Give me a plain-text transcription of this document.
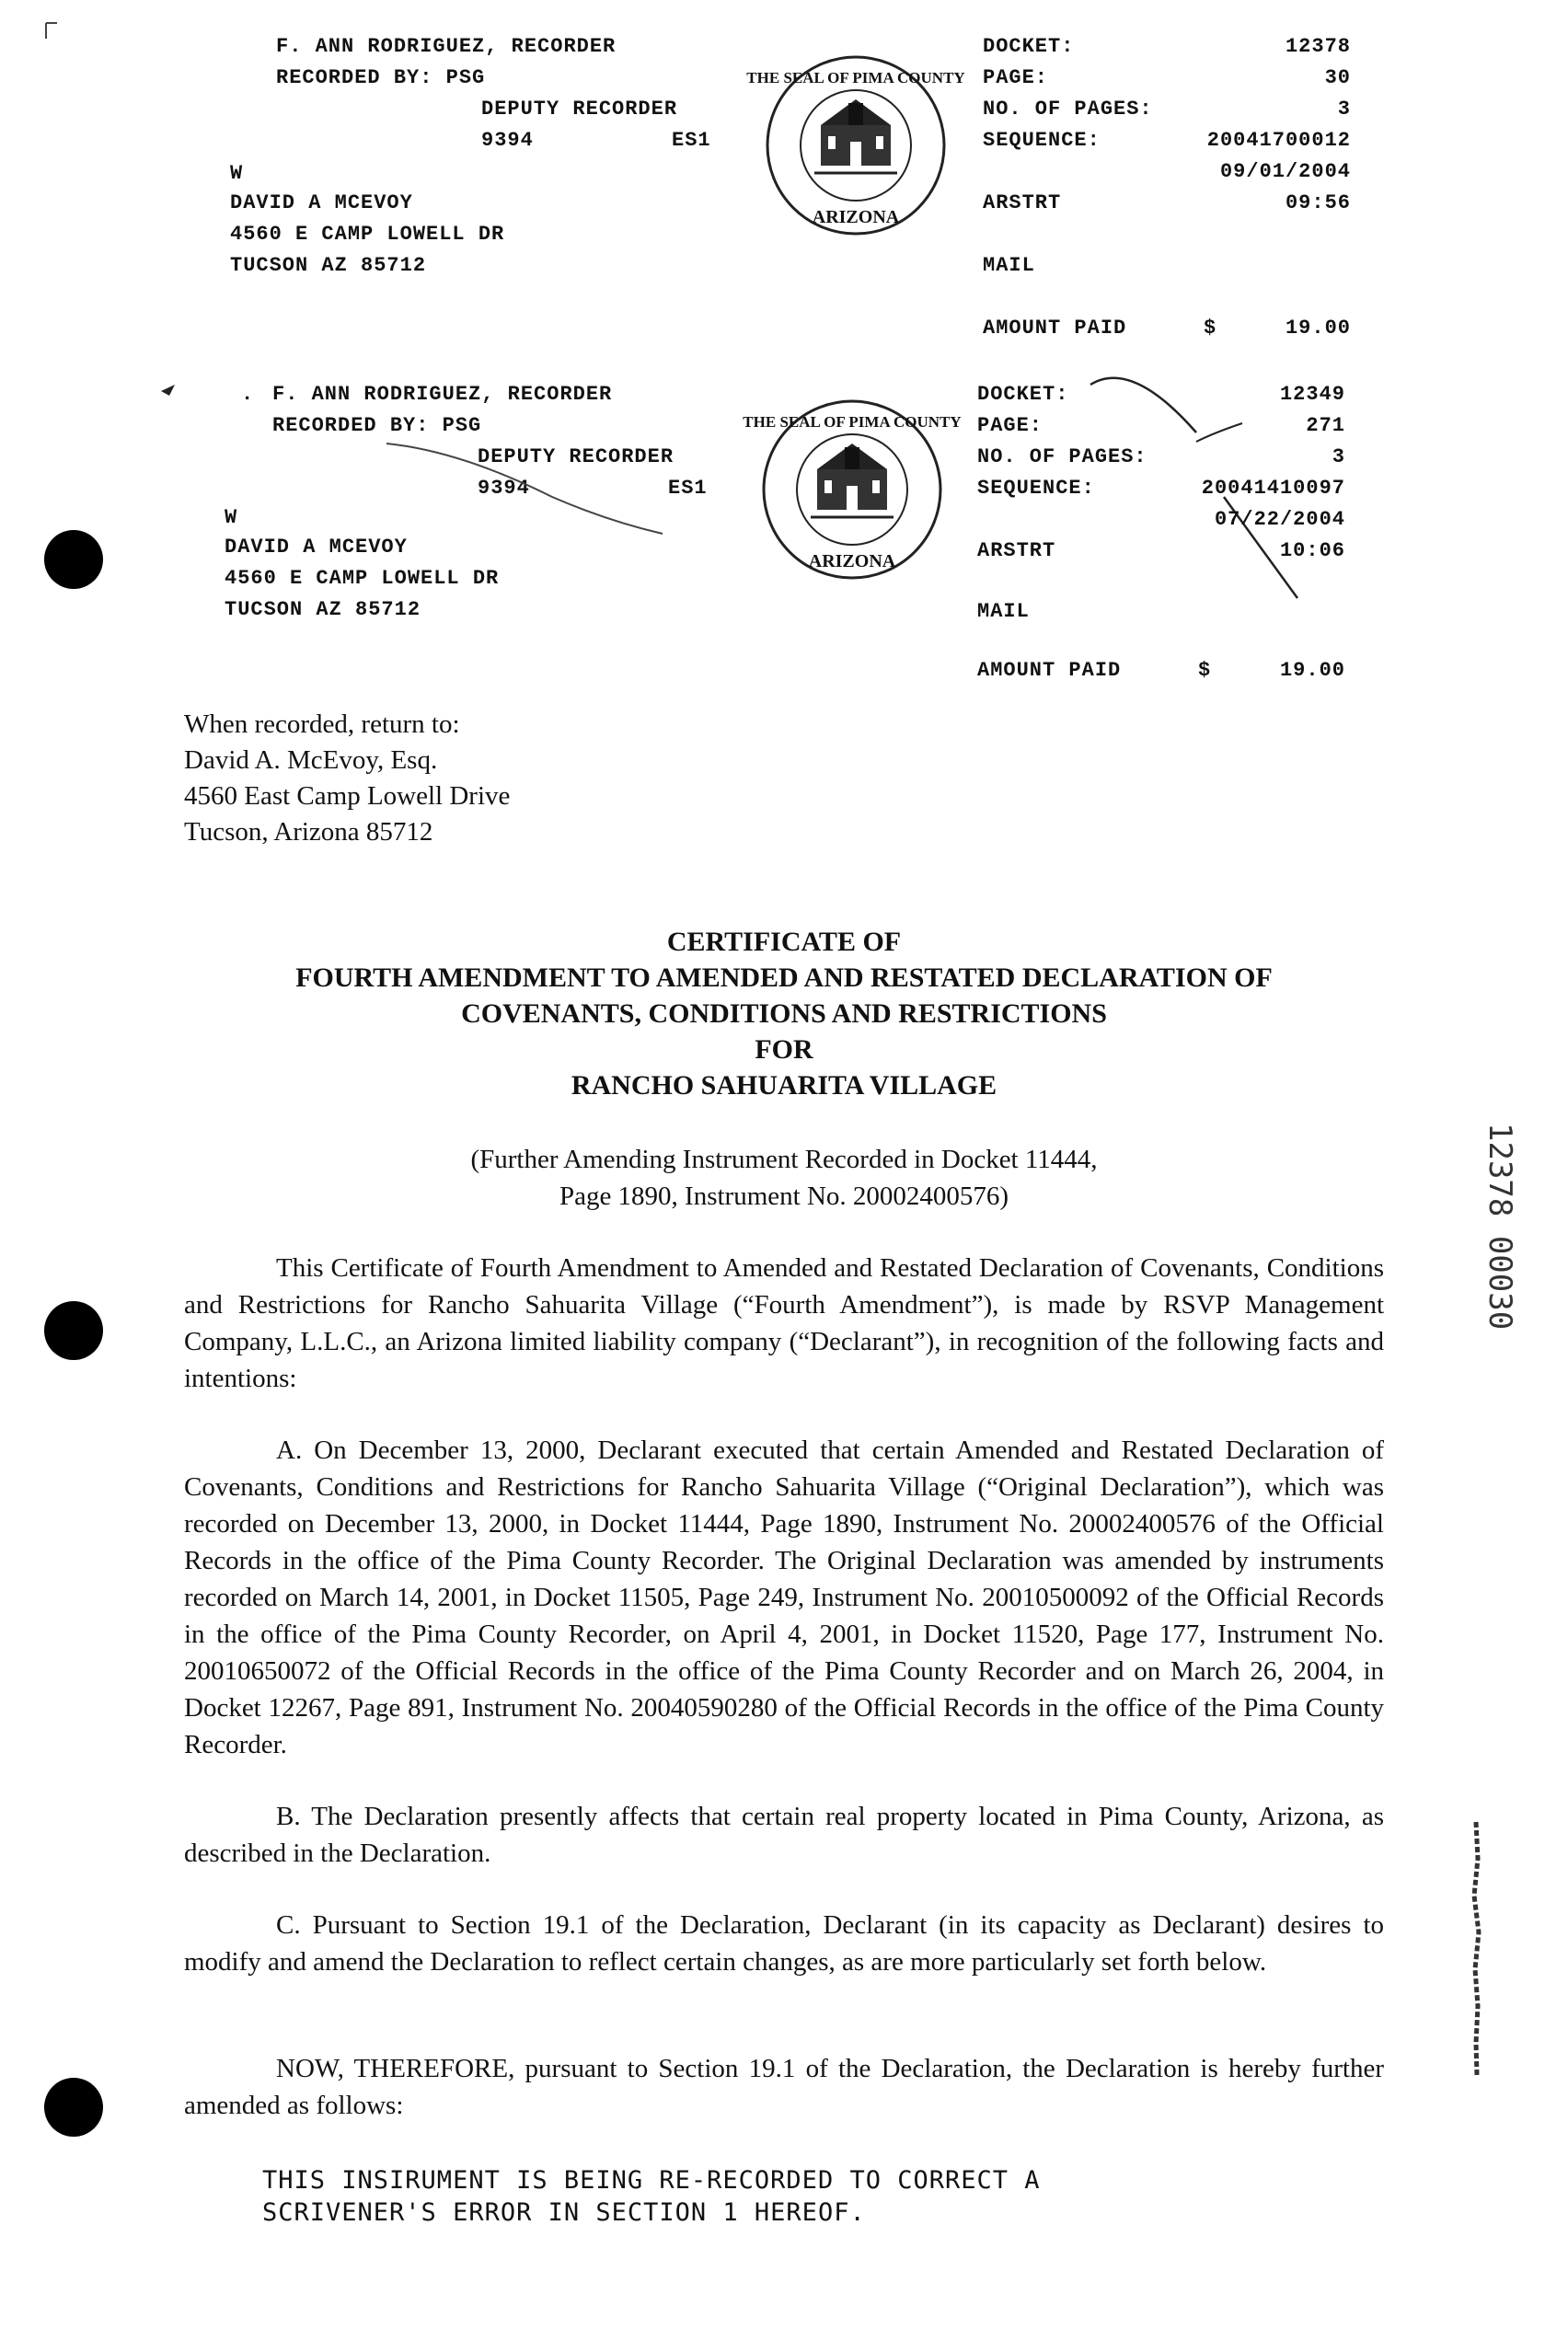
F. ANN RODRIGUEZ, RECORDER
RECORDED BY: PSG
DEPUTY RECORDER
9394	ES1
W
DAVID A MCEVOY
4560 E CAMP LOWELL DR
TUCSON AZ 85712
THE SEAL OF PIMA COUNTY
ARIZONA
DOCKET:	12378
PAGE:	30
NO. OF PAGES:	3
SEQUENCE:	20041700012
09/01/2004
ARSTRT	09:56
MAIL
AMOUNT PAID	$	19.00
. F. ANN RODRIGUEZ, RECORDER
RECORDED BY: PSG
DEPUTY RECORDER
9394	ES1
W
DAVID A MCEVOY
4560 E CAMP LOWELL DR
TUCSON AZ 85712
THE SEAL OF PIMA COUNTY
ARIZONA
DOCKET:	12349
PAGE:	271
NO. OF PAGES:	3
SEQUENCE:	20041410097
07/22/2004
ARSTRT	10:06
MAIL
AMOUNT PAID	$	19.00
When recorded, return to:
David A. McEvoy, Esq.
4560 East Camp Lowell Drive
Tucson, Arizona 85712
CERTIFICATE OF
FOURTH AMENDMENT TO AMENDED AND RESTATED DECLARATION OF
COVENANTS, CONDITIONS AND RESTRICTIONS
FOR
RANCHO SAHUARITA VILLAGE
(Further Amending Instrument Recorded in Docket 11444,
Page 1890, Instrument No. 20002400576)
This Certificate of Fourth Amendment to Amended and Restated Declaration of Covenants, Conditions and Restrictions for Rancho Sahuarita Village (“Fourth Amendment”), is made by RSVP Management Company, L.L.C., an Arizona limited liability company (“Declarant”), in recognition of the following facts and intentions:
A. On December 13, 2000, Declarant executed that certain Amended and Restated Declaration of Covenants, Conditions and Restrictions for Rancho Sahuarita Village (“Original Declaration”), which was recorded on December 13, 2000, in Docket 11444, Page 1890, Instrument No. 20002400576 of the Official Records in the office of the Pima County Recorder. The Original Declaration was amended by instruments recorded on March 14, 2001, in Docket 11505, Page 249, Instrument No. 20010500092 of the Official Records in the office of the Pima County Recorder, on April 4, 2001, in Docket 11520, Page 177, Instrument No. 20010650072 of the Official Records in the office of the Pima County Recorder and on March 26, 2004, in Docket 12267, Page 891, Instrument No. 20040590280 of the Official Records in the office of the Pima County Recorder.
B. The Declaration presently affects that certain real property located in Pima County, Arizona, as described in the Declaration.
C. Pursuant to Section 19.1 of the Declaration, Declarant (in its capacity as Declarant) desires to modify and amend the Declaration to reflect certain changes, as are more particularly set forth below.
NOW, THEREFORE, pursuant to Section 19.1 of the Declaration, the Declaration is hereby further amended as follows:
THIS INSIRUMENT IS BEING RE-RECORDED TO CORRECT A
SCRIVENER'S ERROR IN SECTION 1 HEREOF.
12378 00030
